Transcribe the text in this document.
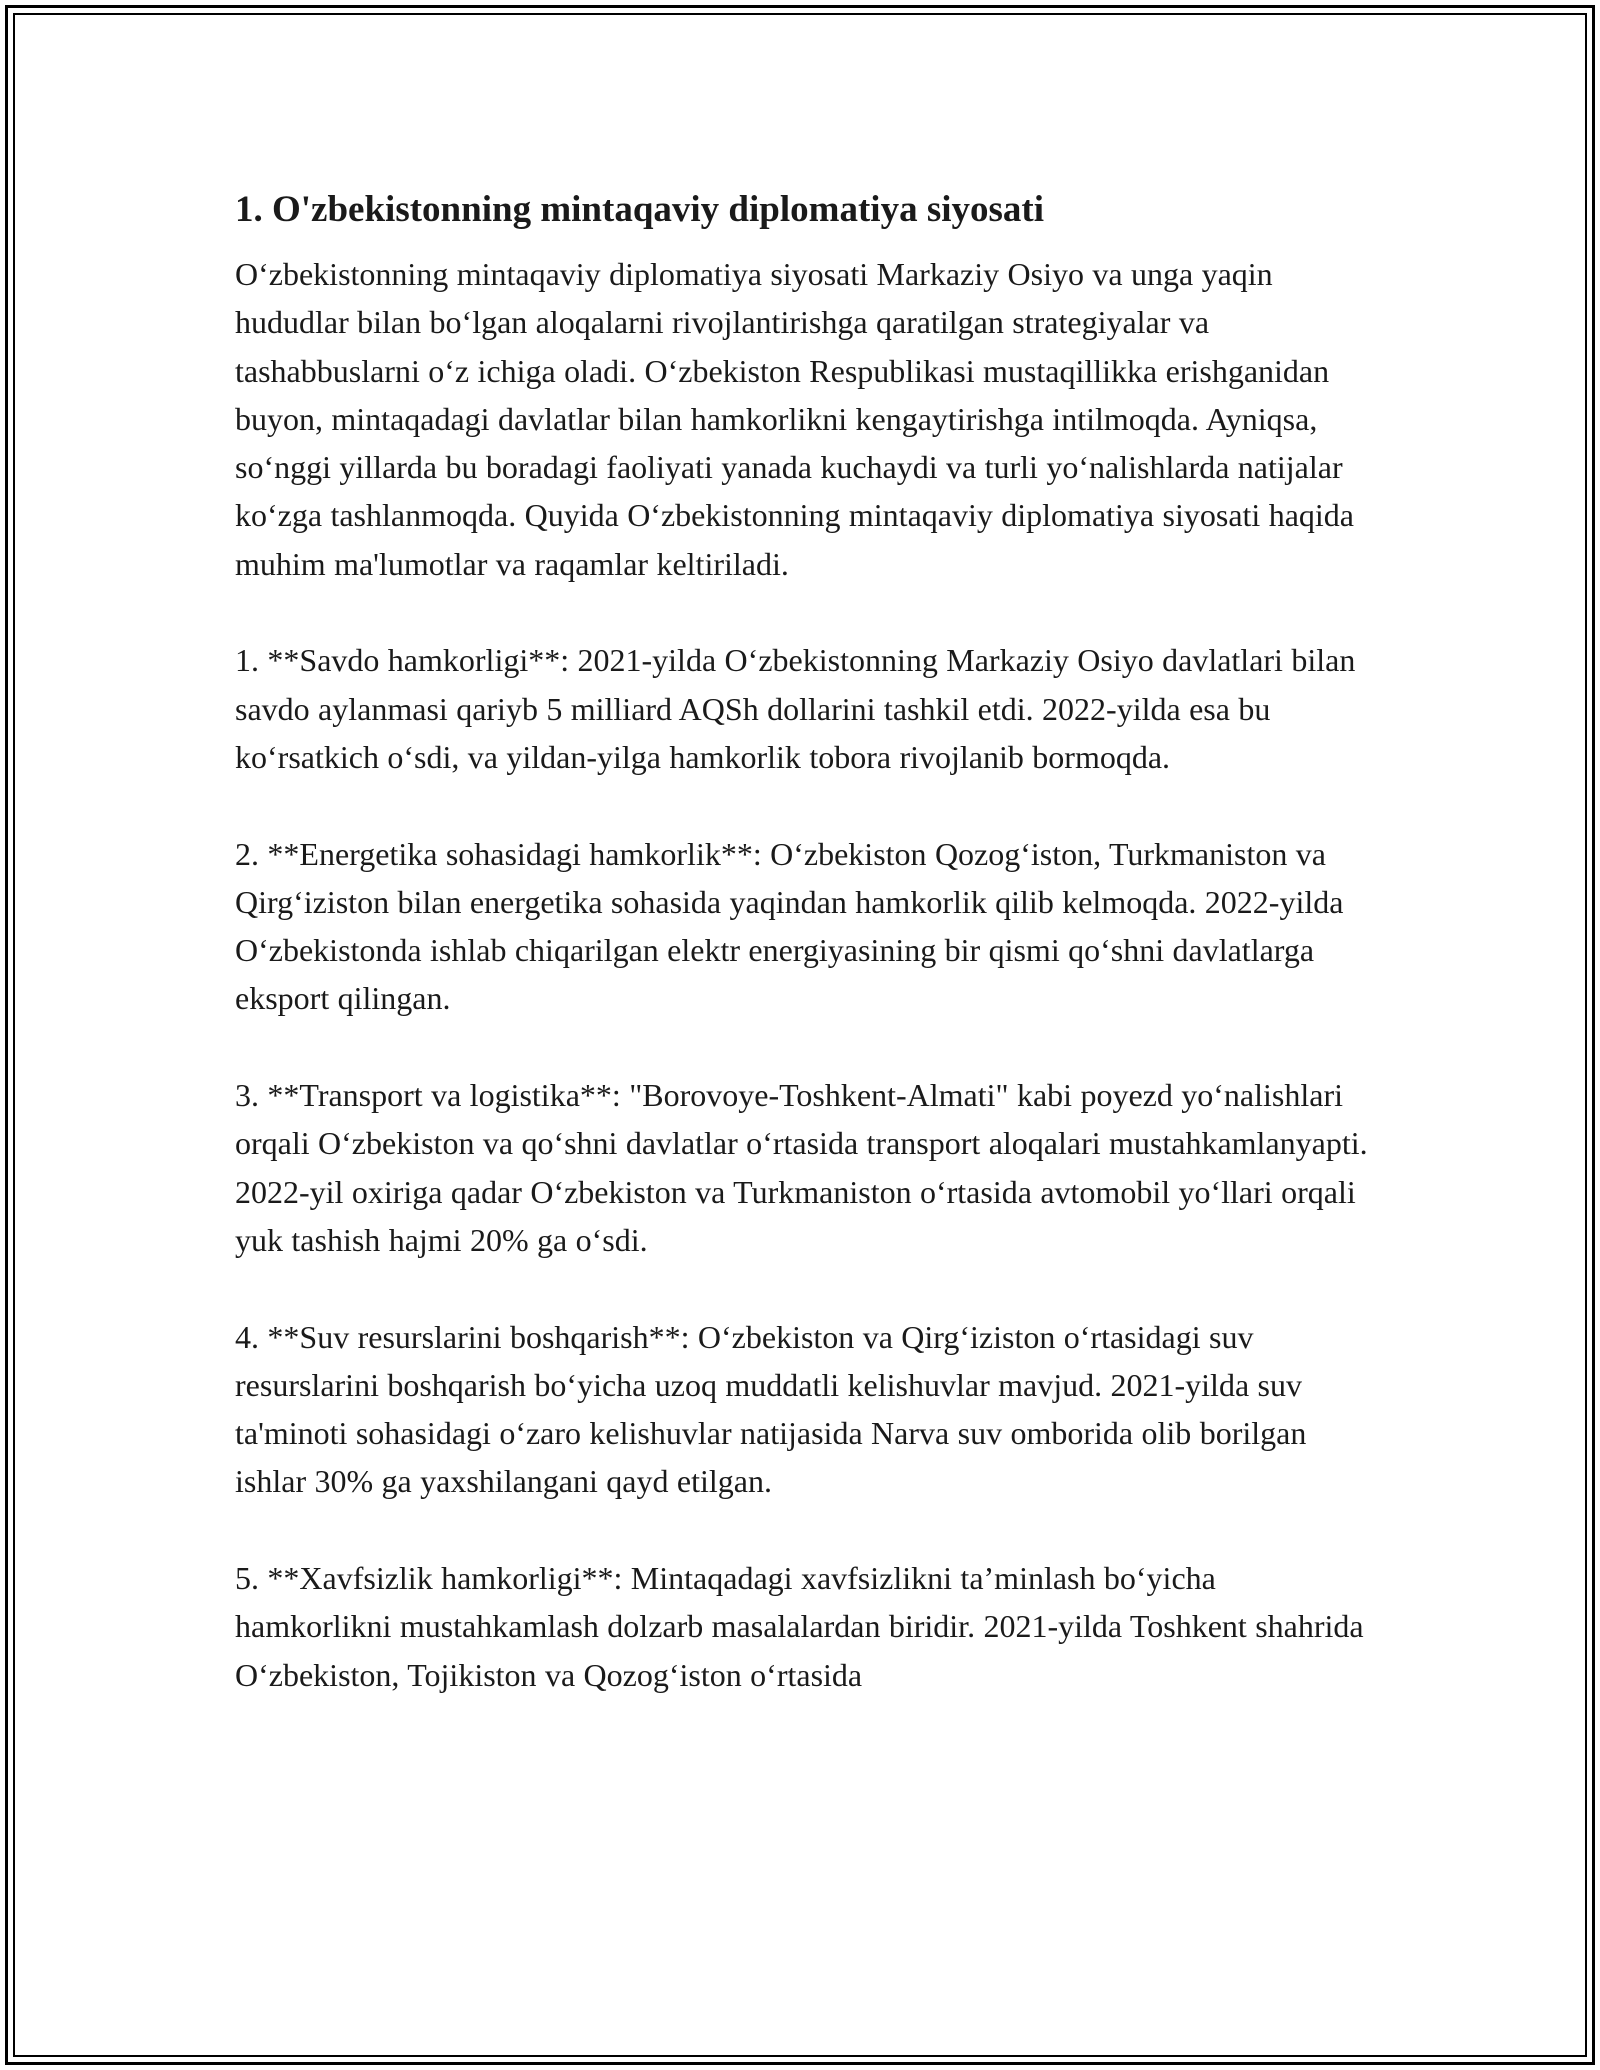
1. O'zbekistonning mintaqaviy diplomatiya siyosati

O‘zbekistonning mintaqaviy diplomatiya siyosati Markaziy Osiyo va unga yaqin hududlar bilan bo‘lgan aloqalarni rivojlantirishga qaratilgan strategiyalar va tashabbuslarni o‘z ichiga oladi. O‘zbekiston Respublikasi mustaqillikka erishganidan buyon, mintaqadagi davlatlar bilan hamkorlikni kengaytirishga intilmoqda. Ayniqsa, so‘nggi yillarda bu boradagi faoliyati yanada kuchaydi va turli yo‘nalishlarda natijalar ko‘zga tashlanmoqda. Quyida O‘zbekistonning mintaqaviy diplomatiya siyosati haqida muhim ma'lumotlar va raqamlar keltiriladi.

1. **Savdo hamkorligi**: 2021-yilda O‘zbekistonning Markaziy Osiyo davlatlari bilan savdo aylanmasi qariyb 5 milliard AQSh dollarini tashkil etdi. 2022-yilda esa bu ko‘rsatkich o‘sdi, va yildan-yilga hamkorlik tobora rivojlanib bormoqda.

2. **Energetika sohasidagi hamkorlik**: O‘zbekiston Qozog‘iston, Turkmaniston va Qirg‘iziston bilan energetika sohasida yaqindan hamkorlik qilib kelmoqda. 2022-yilda O‘zbekistonda ishlab chiqarilgan elektr energiyasining bir qismi qo‘shni davlatlarga eksport qilingan.

3. **Transport va logistika**: "Borovoye-Toshkent-Almati" kabi poyezd yo‘nalishlari orqali O‘zbekiston va qo‘shni davlatlar o‘rtasida transport aloqalari mustahkamlanyapti. 2022-yil oxiriga qadar O‘zbekiston va Turkmaniston o‘rtasida avtomobil yo‘llari orqali yuk tashish hajmi 20% ga o‘sdi.

4. **Suv resurslarini boshqarish**: O‘zbekiston va Qirg‘iziston o‘rtasidagi suv resurslarini boshqarish bo‘yicha uzoq muddatli kelishuvlar mavjud. 2021-yilda suv ta'minoti sohasidagi o‘zaro kelishuvlar natijasida Narva suv omborida olib borilgan ishlar 30% ga yaxshilangani qayd etilgan.

5. **Xavfsizlik hamkorligi**: Mintaqadagi xavfsizlikni ta’minlash bo‘yicha hamkorlikni mustahkamlash dolzarb masalalardan biridir. 2021-yilda Toshkent shahrida O‘zbekiston, Tojikiston va Qozog‘iston o‘rtasida
